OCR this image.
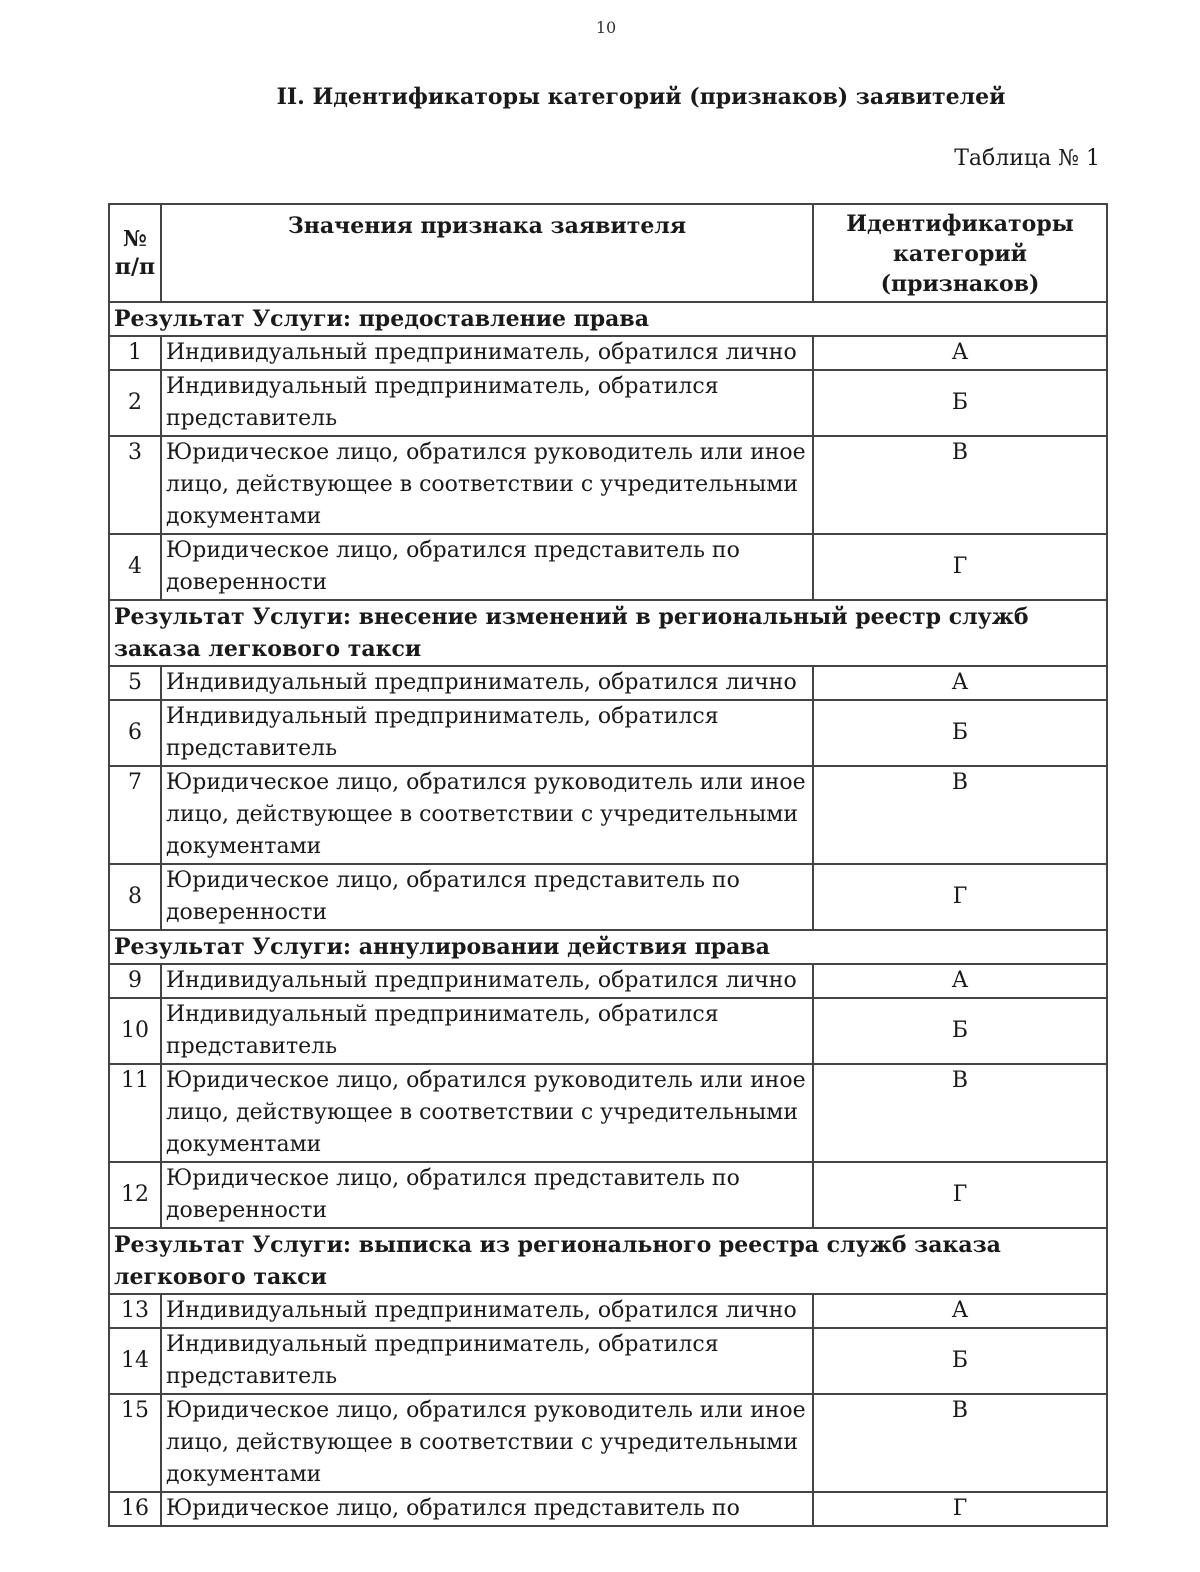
10
II. Идентификаторы категорий (признаков) заявителей
Таблица № 1
№ п/п	Значения признака заявителя	Идентификаторы категорий (признаков)
Результат Услуги: предоставление права		
1	Индивидуальный предприниматель, обратился лично	А
2	Индивидуальный предприниматель, обратился представитель	Б
3	Юридическое лицо, обратился руководитель или иное лицо, действующее в соответствии с учредительными документами	В
4	Юридическое лицо, обратился представитель по доверенности	Г
Результат Услуги: внесение изменений в региональный реестр служб заказа легкового такси		
5	Индивидуальный предприниматель, обратился лично	А
6	Индивидуальный предприниматель, обратился представитель	Б
7	Юридическое лицо, обратился руководитель или иное лицо, действующее в соответствии с учредительными документами	В
8	Юридическое лицо, обратился представитель по доверенности	Г
Результат Услуги: аннулировании действия права		
9	Индивидуальный предприниматель, обратился лично	А
10	Индивидуальный предприниматель, обратился представитель	Б
11	Юридическое лицо, обратился руководитель или иное лицо, действующее в соответствии с учредительными документами	В
12	Юридическое лицо, обратился представитель по доверенности	Г
Результат Услуги: выписка из регионального реестра служб заказа легкового такси		
13	Индивидуальный предприниматель, обратился лично	А
14	Индивидуальный предприниматель, обратился представитель	Б
15	Юридическое лицо, обратился руководитель или иное лицо, действующее в соответствии с учредительными документами	В
16	Юридическое лицо, обратился представитель по	Г
